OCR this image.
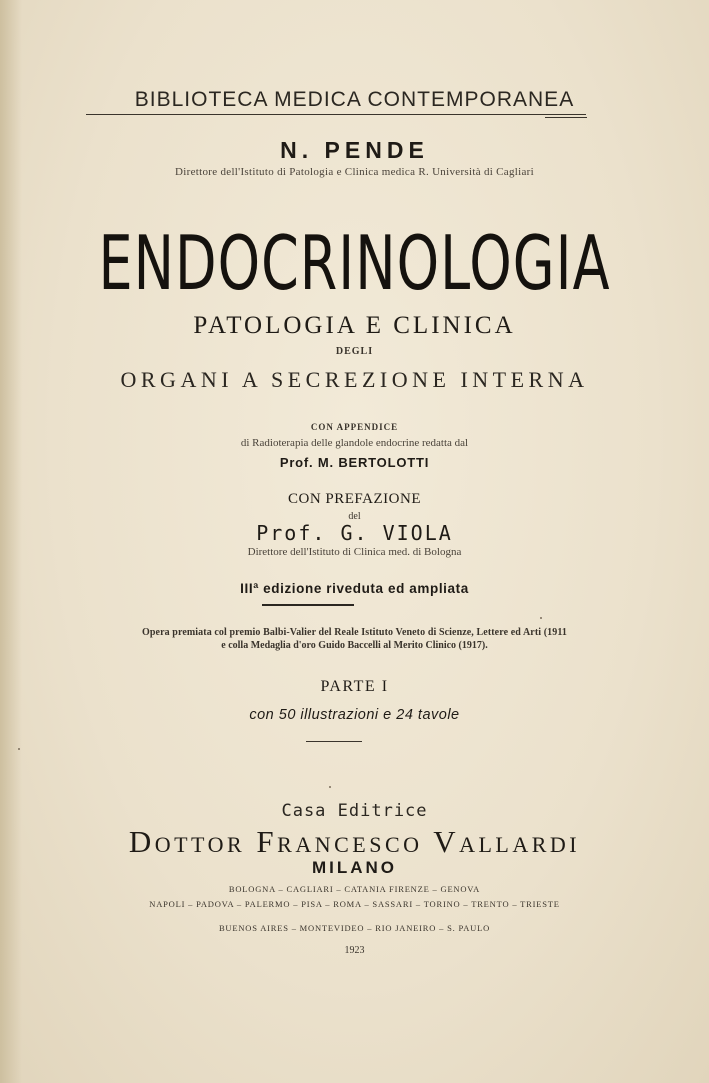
BIBLIOTECA MEDICA CONTEMPORANEA
N. PENDE
Direttore dell'Istituto di Patologia e Clinica medica R. Università di Cagliari
ENDOCRINOLOGIA
PATOLOGIA E CLINICA
DEGLI
ORGANI A SECREZIONE INTERNA
CON APPENDICE
di Radioterapia delle glandole endocrine redatta dal
Prof. M. BERTOLOTTI
CON PREFAZIONE
del
Prof. G. VIOLA
Direttore dell'Istituto di Clinica med. di Bologna
IIIª edizione riveduta ed ampliata
Opera premiata col premio Balbi-Valier del Reale Istituto Veneto di Scienze, Lettere ed Arti (1911
e colla Medaglia d'oro Guido Baccelli al Merito Clinico (1917).
PARTE I
con 50 illustrazioni e 24 tavole
Casa Editrice
Dottor Francesco Vallardi
MILANO
BOLOGNA – CAGLIARI – CATANIA FIRENZE – GENOVA
NAPOLI – PADOVA – PALERMO – PISA – ROMA – SASSARI – TORINO – TRENTO – TRIESTE
BUENOS AIRES – MONTEVIDEO – RIO JANEIRO – S. PAULO
1923
